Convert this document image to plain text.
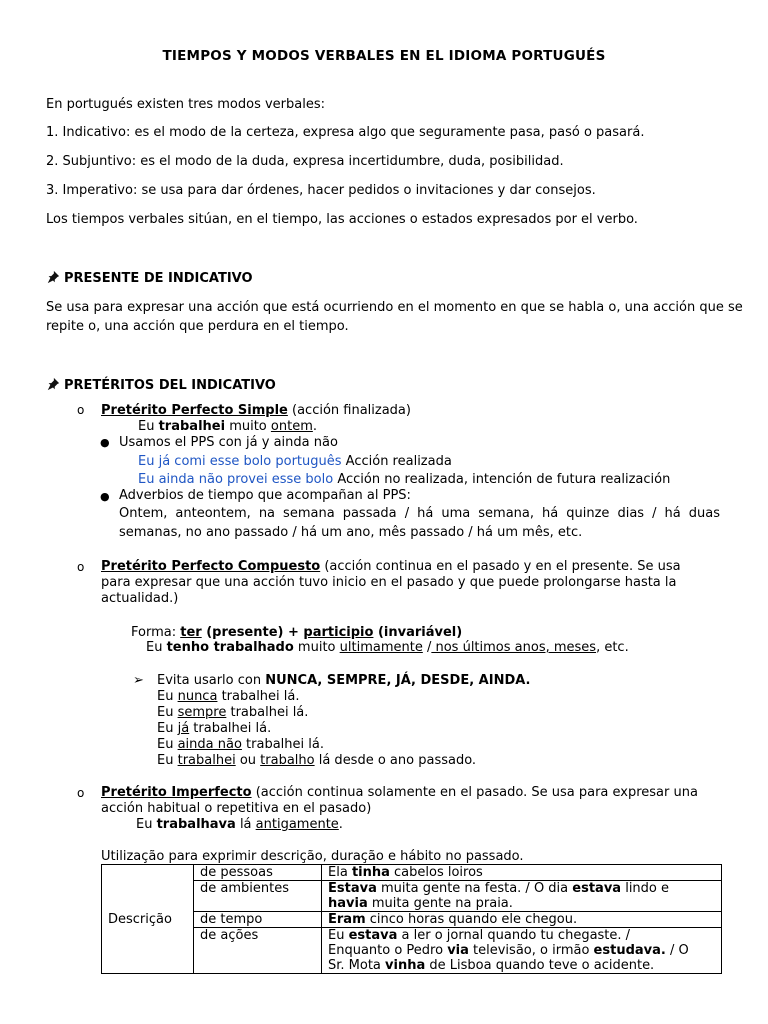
TIEMPOS Y MODOS VERBALES EN EL IDIOMA PORTUGUÉS
En portugués existen tres modos verbales:
1. Indicativo: es el modo de la certeza, expresa algo que seguramente pasa, pasó o pasará.
2. Subjuntivo: es el modo de la duda, expresa incertidumbre, duda, posibilidad.
3. Imperativo: se usa para dar órdenes, hacer pedidos o invitaciones y dar consejos.
Los tiempos verbales sitúan, en el tiempo, las acciones o estados expresados por el verbo.
PRESENTE DE INDICATIVO
Se usa para expresar una acción que está ocurriendo en el momento en que se habla o, una acción que se
repite o, una acción que perdura en el tiempo.
PRETÉRITOS DEL INDICATIVO
o Pretérito Perfecto Simple (acción finalizada)
Eu trabalhei muito ontem.
● Usamos el PPS con já y ainda não
Eu já comi esse bolo português Acción realizada
Eu ainda não provei esse bolo Acción no realizada, intención de futura realización
● Adverbios de tiempo que acompañan al PPS:
Ontem, anteontem, na semana passada / há uma semana, há quinze dias / há duas
semanas, no ano passado / há um ano, mês passado / há um mês, etc.
o Pretérito Perfecto Compuesto (acción continua en el pasado y en el presente. Se usa
para expresar que una acción tuvo inicio en el pasado y que puede prolongarse hasta la
actualidad.)
Forma: ter (presente) + participio (invariável)
Eu tenho trabalhado muito ultimamente / nos últimos anos, meses, etc.
➢ Evita usarlo con NUNCA, SEMPRE, JÁ, DESDE, AINDA.
Eu nunca trabalhei lá.
Eu sempre trabalhei lá.
Eu já trabalhei lá.
Eu ainda não trabalhei lá.
Eu trabalhei ou trabalho lá desde o ano passado.
o Pretérito Imperfecto (acción continua solamente en el pasado. Se usa para expresar una
acción habitual o repetitiva en el pasado)
Eu trabalhava lá antigamente.
Utilização para exprimir descrição, duração e hábito no passado.
Descrição	de pessoas	Ela tinha cabelos loiros
	de ambientes	Estava muita gente na festa. / O dia estava lindo e
havia muita gente na praia.
	de tempo	Eram cinco horas quando ele chegou.
	de ações	Eu estava a ler o jornal quando tu chegaste. /
Enquanto o Pedro via televisão, o irmão estudava. / O
Sr. Mota vinha de Lisboa quando teve o acidente.
